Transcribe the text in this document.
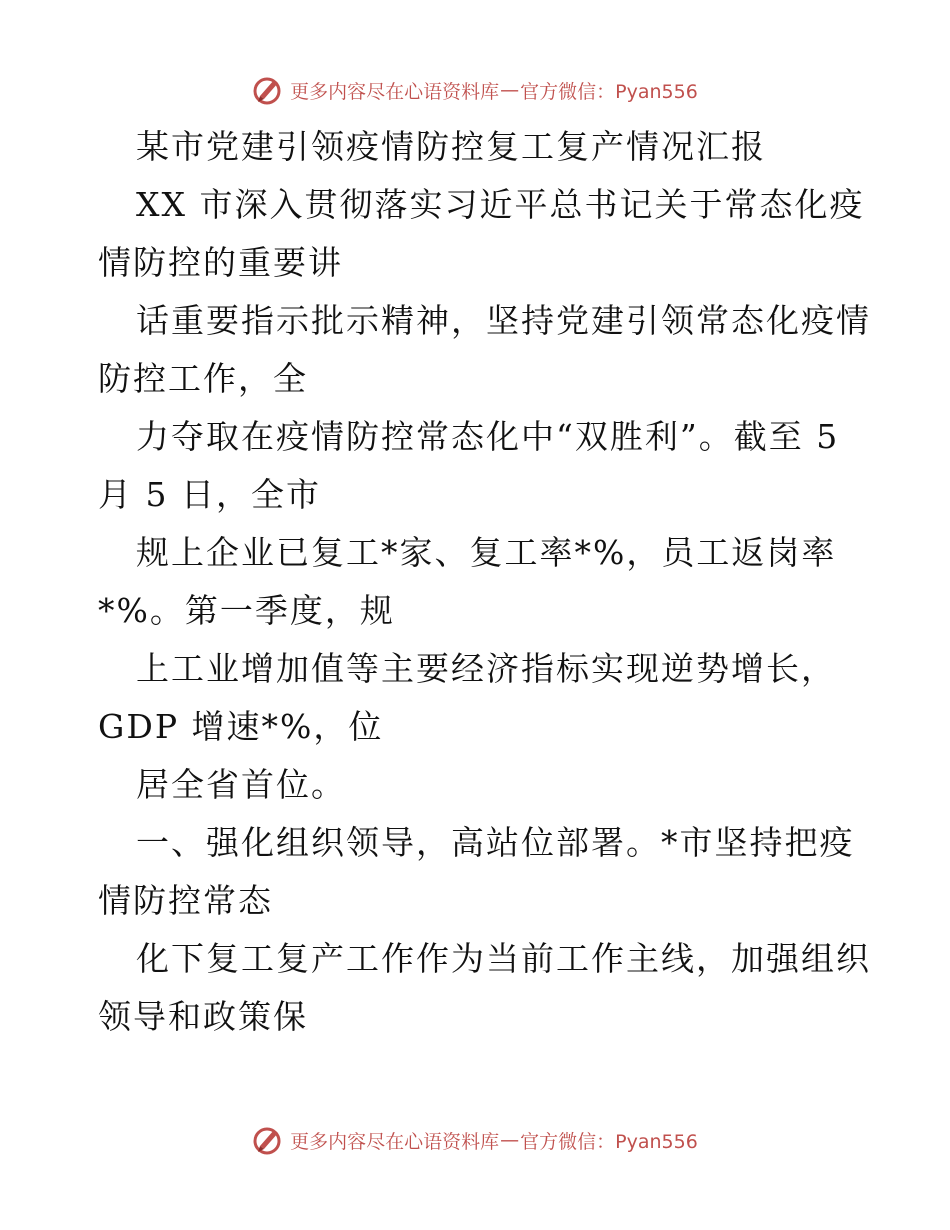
更多内容尽在心语资料库 — 官方微信：Pyan556
某市党建引领疫情防控复工复产情况汇报
XX 市深入贯彻落实习近平总书记关于常态化疫
情防控的重要讲
话重要指示批示精神，坚持党建引领常态化疫情
防控工作，全
力夺取在疫情防控常态化中“双胜利”。截至 5
月 5 日，全市
规上企业已复工*家、复工率*%，员工返岗率
*%。第一季度，规
上工业增加值等主要经济指标实现逆势增长，
GDP 增速*%，位
居全省首位。
一、强化组织领导，高站位部署。*市坚持把疫
情防控常态
化下复工复产工作作为当前工作主线，加强组织
领导和政策保
更多内容尽在心语资料库 — 官方微信：Pyan556
